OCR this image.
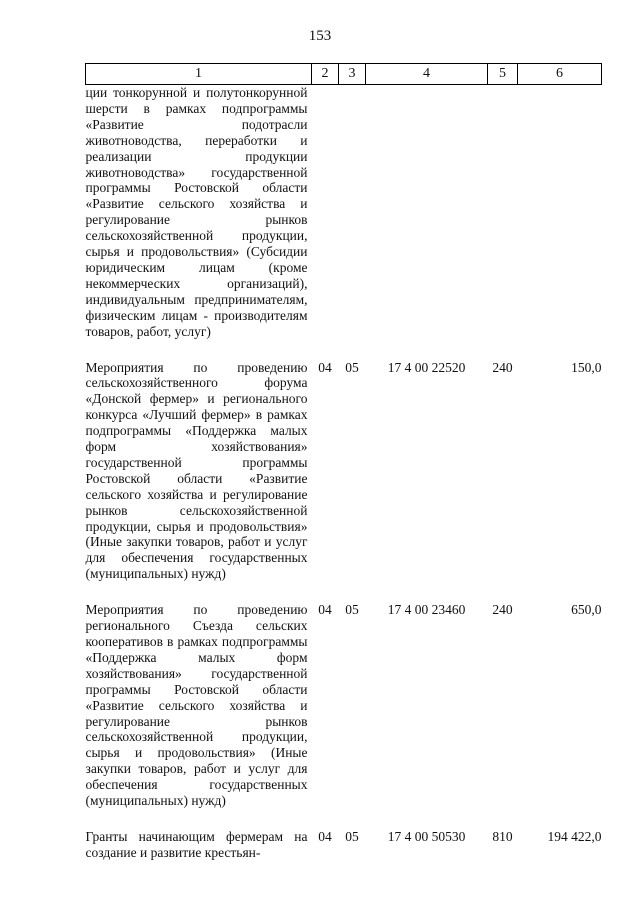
153
1	2	3	4	5	6
ции тонкорунной и полутонкорунной шерсти в рамках подпрограммы «Развитие подотрасли животноводства, переработки и реализации продукции животноводства» государственной программы Ростовской области «Развитие сельского хозяйства и регулирование рынков сельскохозяйственной продукции, сырья и продовольствия» (Субсидии юридическим лицам (кроме некоммерческих организаций), индивидуальным предпринимателям, физическим лицам - производителям товаров, работ, услуг)					
Мероприятия по проведению сельскохозяйственного форума «Донской фермер» и регионального конкурса «Лучший фермер» в рамках подпрограммы «Поддержка малых форм хозяйствования» государственной программы Ростовской области «Развитие сельского хозяйства и регулирование рынков сельскохозяйственной продукции, сырья и продовольствия» (Иные закупки товаров, работ и услуг для обеспечения государственных (муниципальных) нужд)	04	05	17 4 00 22520	240	150,0
Мероприятия по проведению регионального Съезда сельских кооперативов в рамках подпрограммы «Поддержка малых форм хозяйствования» государственной программы Ростовской области «Развитие сельского хозяйства и регулирование рынков сельскохозяйственной продукции, сырья и продовольствия» (Иные закупки товаров, работ и услуг для обеспечения государственных (муниципальных) нужд)	04	05	17 4 00 23460	240	650,0
Гранты начинающим фермерам на создание и развитие крестьян-	04	05	17 4 00 50530	810	194 422,0
